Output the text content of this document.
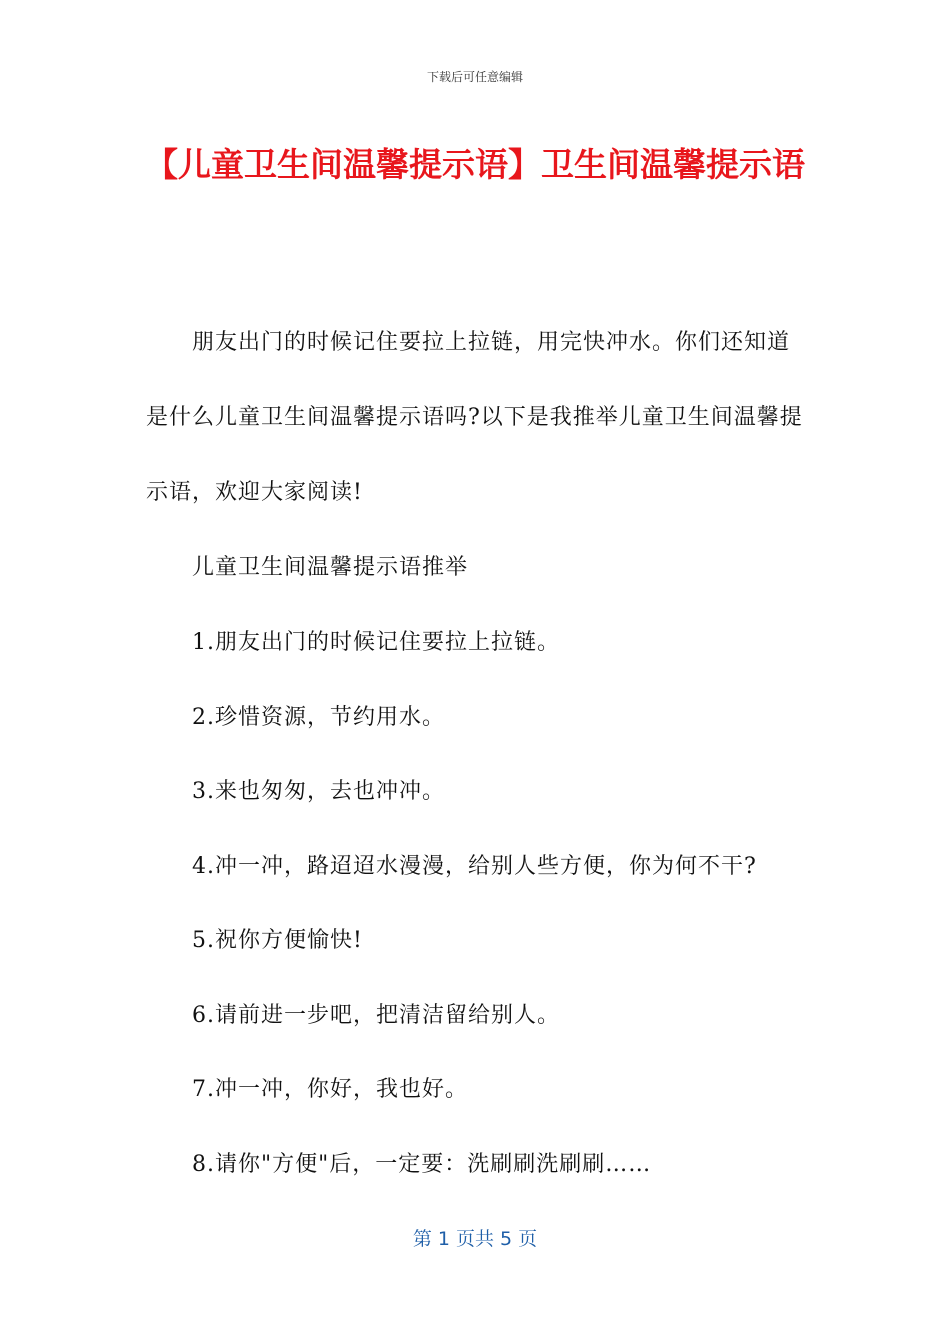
下载后可任意编辑
【儿童卫生间温馨提示语】卫生间温馨提示语

朋友出门的时候记住要拉上拉链，用完快冲水。你们还知道是什么儿童卫生间温馨提示语吗?以下是我推举儿童卫生间温馨提示语，欢迎大家阅读!

儿童卫生间温馨提示语推举

1.朋友出门的时候记住要拉上拉链。

2.珍惜资源，节约用水。

3.来也匆匆，去也冲冲。

4.冲一冲，路迢迢水漫漫，给别人些方便，你为何不干?

5.祝你方便愉快!

6.请前进一步吧，把清洁留给别人。

7.冲一冲，你好，我也好。

8.请你"方便"后，一定要：洗刷刷洗刷刷……

第 1 页共 5 页
